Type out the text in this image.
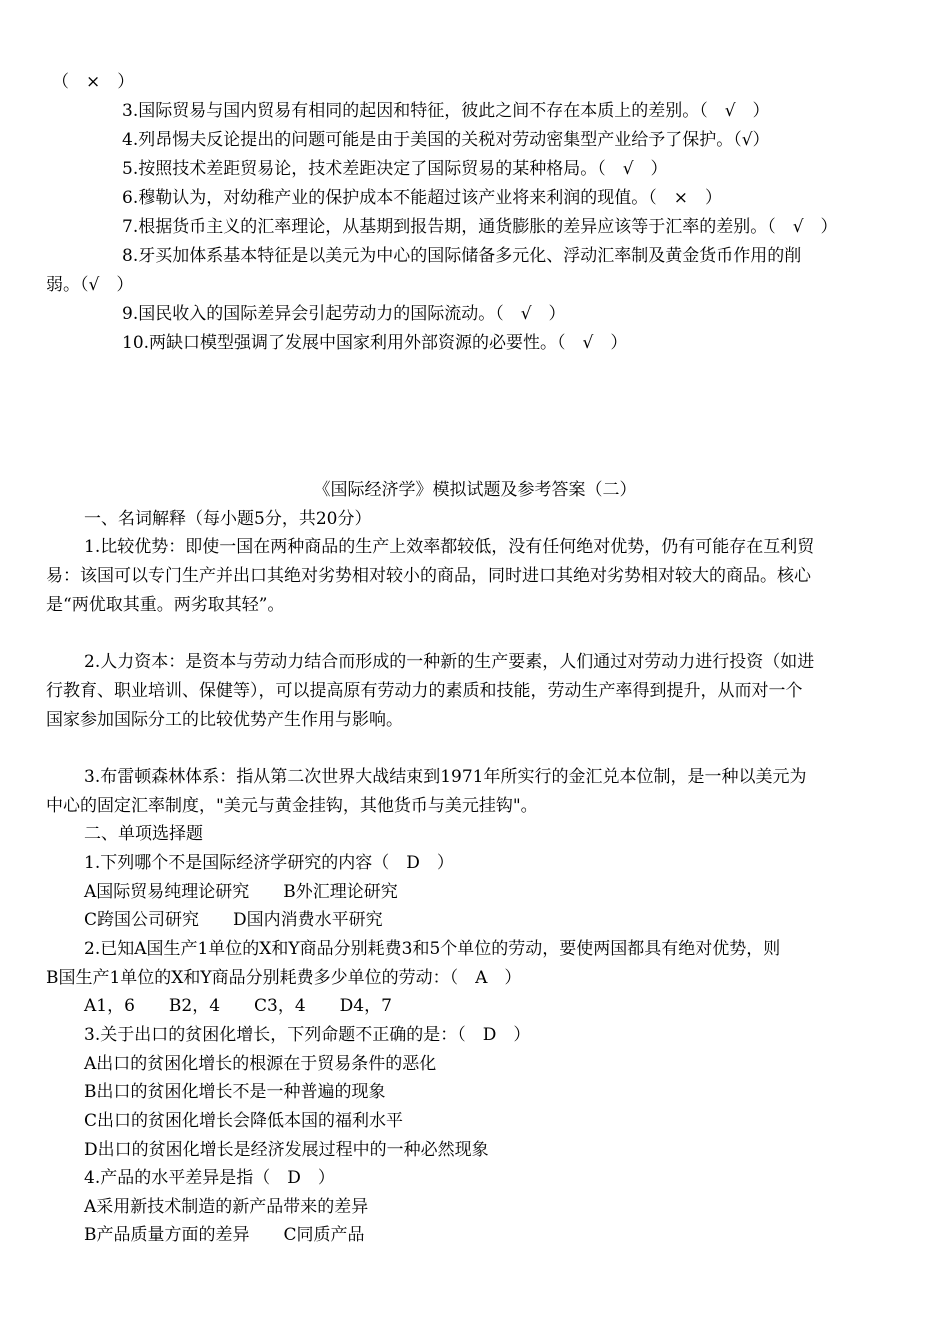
（　×　）
3.国际贸易与国内贸易有相同的起因和特征，彼此之间不存在本质上的差别。（　√　）
4.列昂惕夫反论提出的问题可能是由于美国的关税对劳动密集型产业给予了保护。（√）
5.按照技术差距贸易论，技术差距决定了国际贸易的某种格局。（　√　）
6.穆勒认为，对幼稚产业的保护成本不能超过该产业将来利润的现值。（　×　）
7.根据货币主义的汇率理论，从基期到报告期，通货膨胀的差异应该等于汇率的差别。（　√　）
8.牙买加体系基本特征是以美元为中心的国际储备多元化、浮动汇率制及黄金货币作用的削
弱。（√　）
9.国民收入的国际差异会引起劳动力的国际流动。（　√　）
10.两缺口模型强调了发展中国家利用外部资源的必要性。（　√　）
《国际经济学》模拟试题及参考答案（二）
一、名词解释（每小题5分，共20分）
1.比较优势：即使一国在两种商品的生产上效率都较低，没有任何绝对优势，仍有可能存在互利贸
易：该国可以专门生产并出口其绝对劣势相对较小的商品，同时进口其绝对劣势相对较大的商品。核心
是“两优取其重。两劣取其轻”。
2.人力资本：是资本与劳动力结合而形成的一种新的生产要素，人们通过对劳动力进行投资（如进
行教育、职业培训、保健等），可以提高原有劳动力的素质和技能，劳动生产率得到提升，从而对一个
国家参加国际分工的比较优势产生作用与影响。
3.布雷顿森林体系：指从第二次世界大战结束到1971年所实行的金汇兑本位制，是一种以美元为
中心的固定汇率制度，"美元与黄金挂钩，其他货币与美元挂钩"。
二、单项选择题
1.下列哪个不是国际经济学研究的内容（　D　）
A国际贸易纯理论研究　　B外汇理论研究
C跨国公司研究　　D国内消费水平研究
2.已知A国生产1单位的X和Y商品分别耗费3和5个单位的劳动，要使两国都具有绝对优势，则
B国生产1单位的X和Y商品分别耗费多少单位的劳动：（　A　）
A1，6　　B2，4　　C3，4　　D4，7
3.关于出口的贫困化增长，下列命题不正确的是：（　D　）
A出口的贫困化增长的根源在于贸易条件的恶化
B出口的贫困化增长不是一种普遍的现象
C出口的贫困化增长会降低本国的福利水平
D出口的贫困化增长是经济发展过程中的一种必然现象
4.产品的水平差异是指（　D　）
A采用新技术制造的新产品带来的差异
B产品质量方面的差异　　C同质产品
